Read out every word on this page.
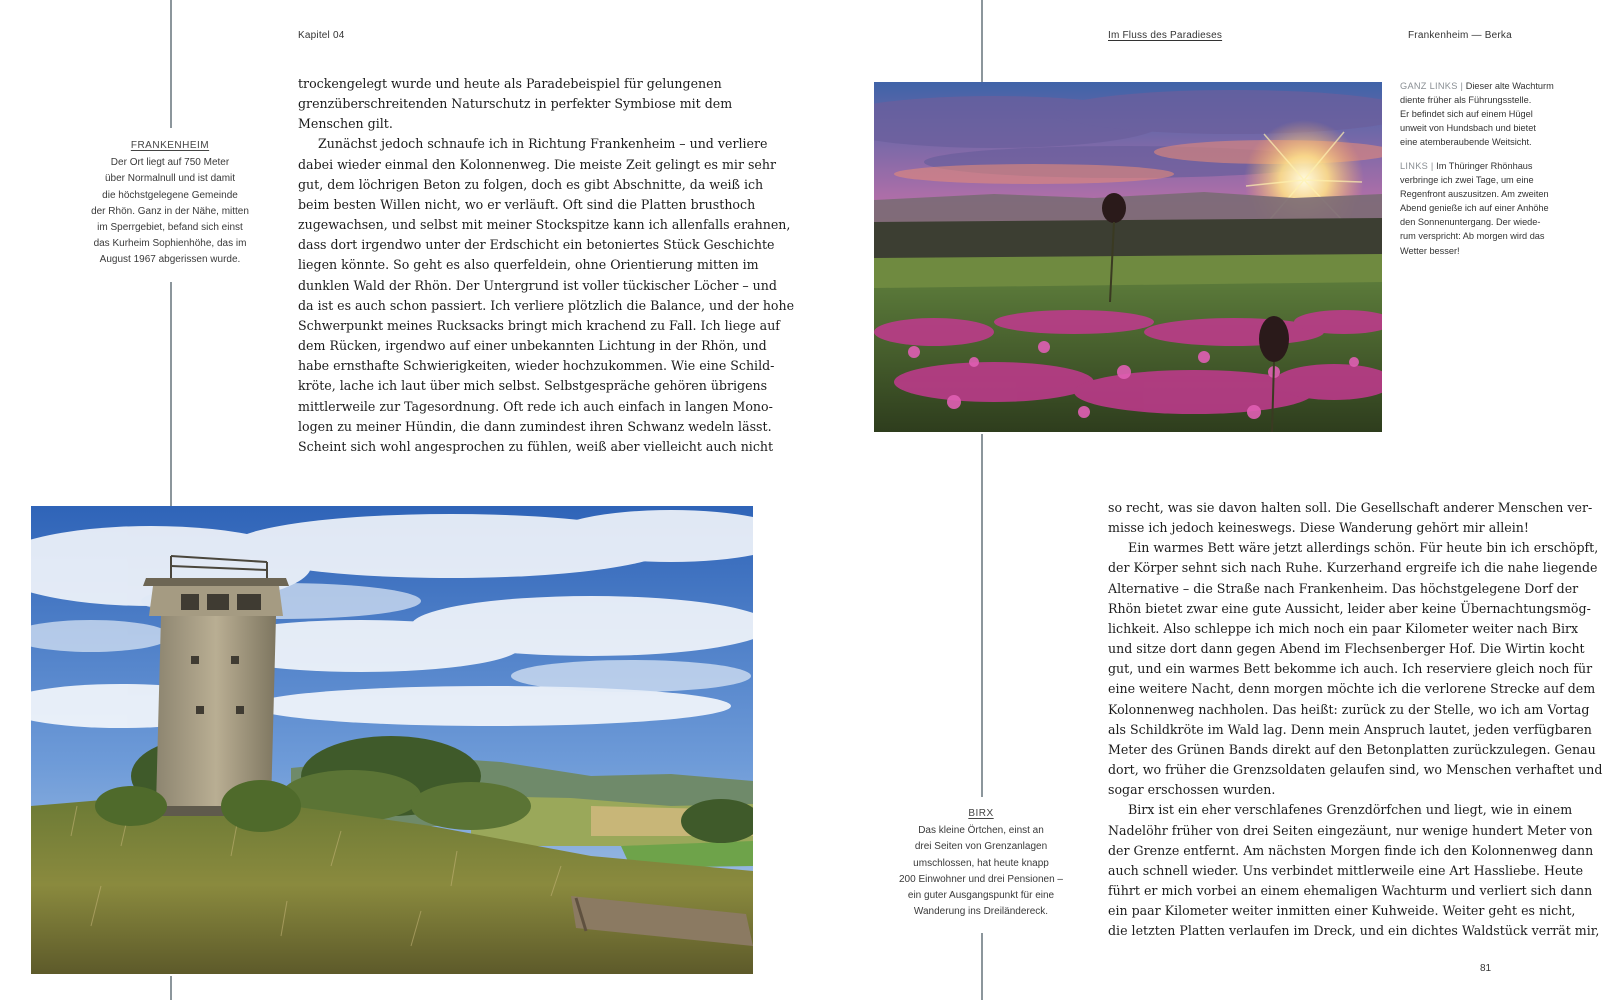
Kapitel 04	Im Fluss des Paradieses	Frankenheim — Berka
FRANKENHEIM
Der Ort liegt auf 750 Meter
über Normalnull und ist damit
die höchstgelegene Gemeinde
der Rhön. Ganz in der Nähe, mitten
im Sperrgebiet, befand sich einst
das Kurheim Sophienhöhe, das im
August 1967 abgerissen wurde.
trockengelegt wurde und heute als Paradebeispiel für gelungenen
grenzüberschreitenden Naturschutz in perfekter Symbiose mit dem
Menschen gilt.
Zunächst jedoch schnaufe ich in Richtung Frankenheim – und verliere
dabei wieder einmal den Kolonnenweg. Die meiste Zeit gelingt es mir sehr
gut, dem löchrigen Beton zu folgen, doch es gibt Abschnitte, da weiß ich
beim besten Willen nicht, wo er verläuft. Oft sind die Platten brusthoch
zugewachsen, und selbst mit meiner Stockspitze kann ich allenfalls erahnen,
dass dort irgendwo unter der Erdschicht ein betoniertes Stück Geschichte
liegen könnte. So geht es also querfeldein, ohne Orientierung mitten im
dunklen Wald der Rhön. Der Untergrund ist voller tückischer Löcher – und
da ist es auch schon passiert. Ich verliere plötzlich die Balance, und der hohe
Schwerpunkt meines Rucksacks bringt mich krachend zu Fall. Ich liege auf
dem Rücken, irgendwo auf einer unbekannten Lichtung in der Rhön, und
habe ernsthafte Schwierigkeiten, wieder hochzukommen. Wie eine Schild-
kröte, lache ich laut über mich selbst. Selbstgespräche gehören übrigens
mittlerweile zur Tagesordnung. Oft rede ich auch einfach in langen Mono-
logen zu meiner Hündin, die dann zumindest ihren Schwanz wedeln lässt.
Scheint sich wohl angesprochen zu fühlen, weiß aber vielleicht auch nicht
GANZ LINKS | Dieser alte Wachturm
diente früher als Führungsstelle.
Er befindet sich auf einem Hügel
unweit von Hundsbach und bietet
eine atemberaubende Weitsicht.
LINKS | Im Thüringer Rhönhaus
verbringe ich zwei Tage, um eine
Regenfront auszusitzen. Am zweiten
Abend genieße ich auf einer Anhöhe
den Sonnenuntergang. Der wiede-
rum verspricht: Ab morgen wird das
Wetter besser!
BIRX
Das kleine Örtchen, einst an
drei Seiten von Grenzanlagen
umschlossen, hat heute knapp
200 Einwohner und drei Pensionen –
ein guter Ausgangspunkt für eine
Wanderung ins Dreiländereck.
so recht, was sie davon halten soll. Die Gesellschaft anderer Menschen ver-
misse ich jedoch keineswegs. Diese Wanderung gehört mir allein!
Ein warmes Bett wäre jetzt allerdings schön. Für heute bin ich erschöpft,
der Körper sehnt sich nach Ruhe. Kurzerhand ergreife ich die nahe liegende
Alternative – die Straße nach Frankenheim. Das höchstgelegene Dorf der
Rhön bietet zwar eine gute Aussicht, leider aber keine Übernachtungsmög-
lichkeit. Also schleppe ich mich noch ein paar Kilometer weiter nach Birx
und sitze dort dann gegen Abend im Flechsenberger Hof. Die Wirtin kocht
gut, und ein warmes Bett bekomme ich auch. Ich reserviere gleich noch für
eine weitere Nacht, denn morgen möchte ich die verlorene Strecke auf dem
Kolonnenweg nachholen. Das heißt: zurück zu der Stelle, wo ich am Vortag
als Schildkröte im Wald lag. Denn mein Anspruch lautet, jeden verfügbaren
Meter des Grünen Bands direkt auf den Betonplatten zurückzulegen. Genau
dort, wo früher die Grenzsoldaten gelaufen sind, wo Menschen verhaftet und
sogar erschossen wurden.
Birx ist ein eher verschlafenes Grenzdörfchen und liegt, wie in einem
Nadelöhr früher von drei Seiten eingezäunt, nur wenige hundert Meter von
der Grenze entfernt. Am nächsten Morgen finde ich den Kolonnenweg dann
auch schnell wieder. Uns verbindet mittlerweile eine Art Hassliebe. Heute
führt er mich vorbei an einem ehemaligen Wachturm und verliert sich dann
ein paar Kilometer weiter inmitten einer Kuhweide. Weiter geht es nicht,
die letzten Platten verlaufen im Dreck, und ein dichtes Waldstück verrät mir,
81
